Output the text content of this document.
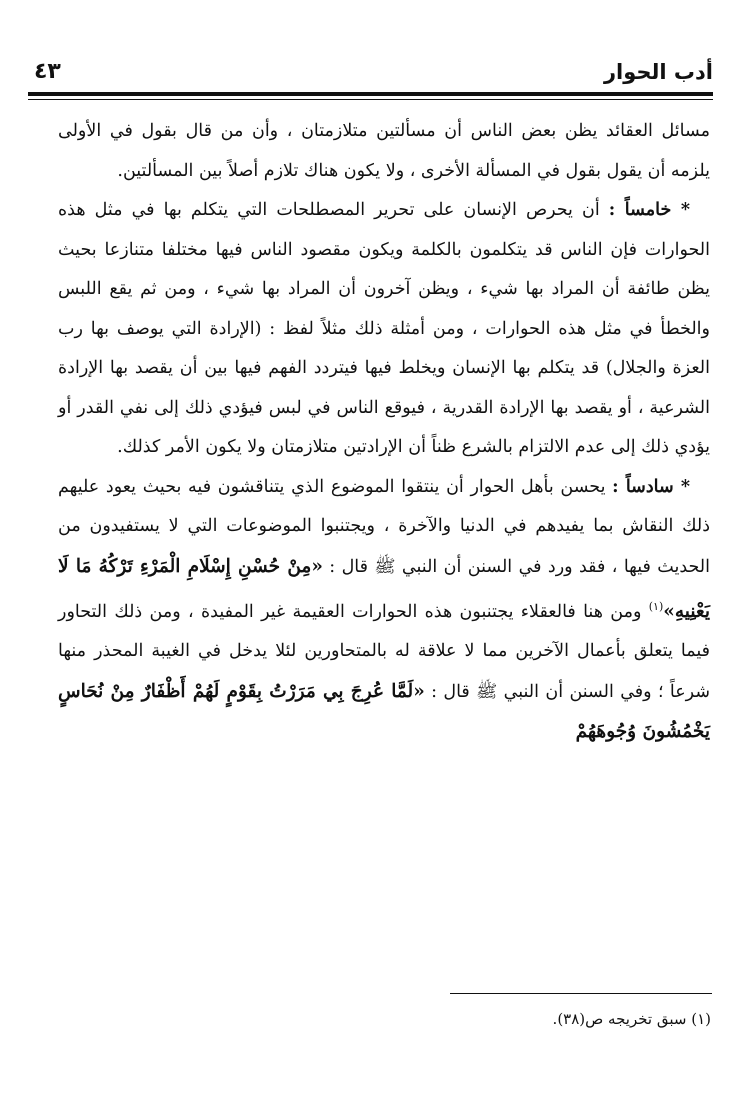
أدب الحوار
٤٣

مسائل العقائد يظن بعض الناس أن مسألتين متلازمتان ، وأن من قال بقول في الأولى يلزمه أن يقول بقول في المسألة الأخرى ، ولا يكون هناك تلازم أصلاً بين المسألتين.

* خامساً : أن يحرص الإنسان على تحرير المصطلحات التي يتكلم بها في مثل هذه الحوارات فإن الناس قد يتكلمون بالكلمة ويكون مقصود الناس فيها مختلفا متنازعا بحيث يظن طائفة أن المراد بها شيء ، ويظن آخرون أن المراد بها شيء ، ومن ثم يقع اللبس والخطأ في مثل هذه الحوارات ، ومن أمثلة ذلك مثلاً لفظ : (الإرادة التي يوصف بها رب العزة والجلال) قد يتكلم بها الإنسان ويخلط فيها فيتردد الفهم فيها بين أن يقصد بها الإرادة الشرعية ، أو يقصد بها الإرادة القدرية ، فيوقع الناس في لبس فيؤدي ذلك إلى نفي القدر أو يؤدي ذلك إلى عدم الالتزام بالشرع ظناً أن الإرادتين متلازمتان ولا يكون الأمر كذلك.

* سادساً : يحسن بأهل الحوار أن ينتقوا الموضوع الذي يتناقشون فيه بحيث يعود عليهم ذلك النقاش بما يفيدهم في الدنيا والآخرة ، ويجتنبوا الموضوعات التي لا يستفيدون من الحديث فيها ، فقد ورد في السنن أن النبي ﷺ قال : «مِنْ حُسْنِ إِسْلَامِ الْمَرْءِ تَرْكُهُ مَا لَا يَعْنِيهِ»$^{(١)}$ ومن هنا فالعقلاء يجتنبون هذه الحوارات العقيمة غير المفيدة ، ومن ذلك التحاور فيما يتعلق بأعمال الآخرين مما لا علاقة له بالمتحاورين لئلا يدخل في الغيبة المحذر منها شرعاً ؛ وفي السنن أن النبي ﷺ قال : «لَمَّا عُرِجَ بِي مَرَرْتُ بِقَوْمٍ لَهُمْ أَظْفَارٌ مِنْ نُحَاسٍ يَخْمُشُونَ وُجُوهَهُمْ

(١) سبق تخريجه ص(٣٨).
